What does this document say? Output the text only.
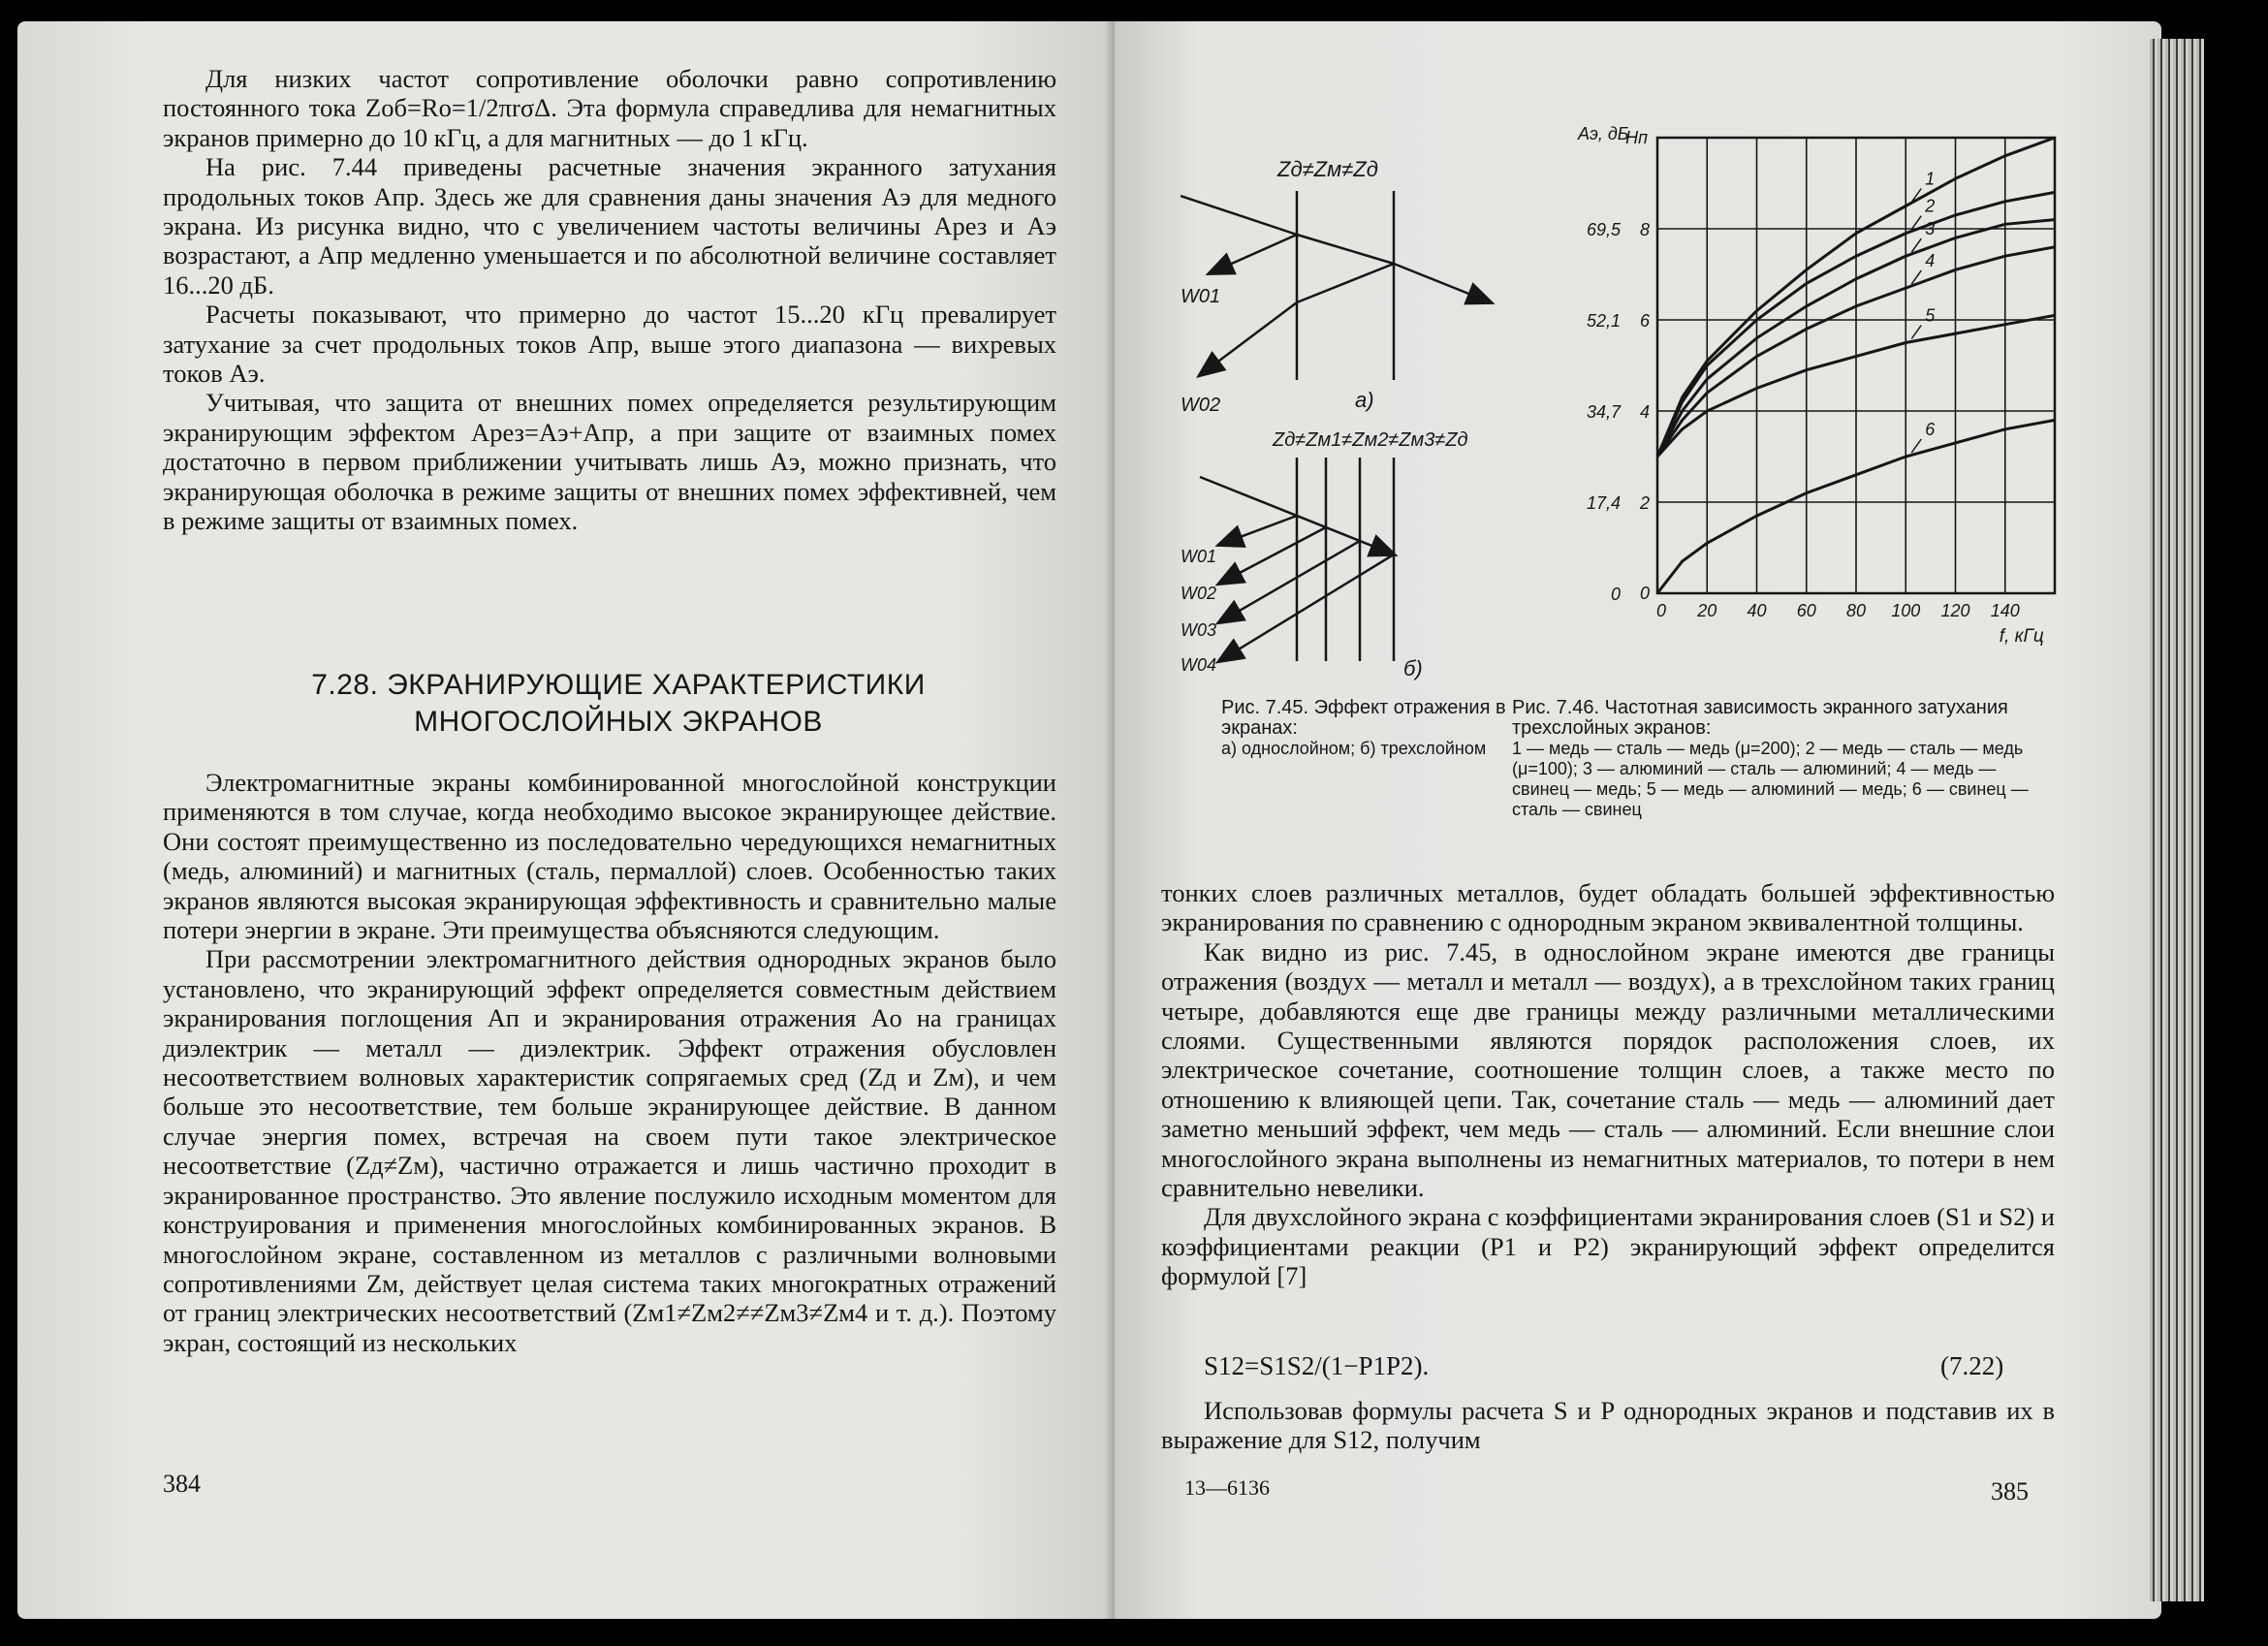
Для низких частот сопротивление оболочки равно сопротивлению постоянного тока Zоб=Ro=1/2πrσΔ. Эта формула справедлива для немагнитных экранов примерно до 10 кГц, а для магнитных — до 1 кГц.

На рис. 7.44 приведены расчетные значения экранного затухания продольных токов Aпр. Здесь же для сравнения даны значения Aэ для медного экрана. Из рисунка видно, что с увеличением частоты величины Aрез и Aэ возрастают, а Aпр медленно уменьшается и по абсолютной величине составляет 16...20 дБ.

Расчеты показывают, что примерно до частот 15...20 кГц превалирует затухание за счет продольных токов Aпр, выше этого диапазона — вихревых токов Aэ.

Учитывая, что защита от внешних помех определяется результирующим экранирующим эффектом Aрез=Aэ+Aпр, а при защите от взаимных помех достаточно в первом приближении учитывать лишь Aэ, можно признать, что экранирующая оболочка в режиме защиты от внешних помех эффективней, чем в режиме защиты от взаимных помех.

7.28. ЭКРАНИРУЮЩИЕ ХАРАКТЕРИСТИКИ
МНОГОСЛОЙНЫХ ЭКРАНОВ

Электромагнитные экраны комбинированной многослойной конструкции применяются в том случае, когда необходимо высокое экранирующее действие. Они состоят преимущественно из последовательно чередующихся немагнитных (медь, алюминий) и магнитных (сталь, пермаллой) слоев. Особенностью таких экранов являются высокая экранирующая эффективность и сравнительно малые потери энергии в экране. Эти преимущества объясняются следующим.

При рассмотрении электромагнитного действия однородных экранов было установлено, что экранирующий эффект определяется совместным действием экранирования поглощения Aп и экранирования отражения Ao на границах диэлектрик — металл — диэлектрик. Эффект отражения обусловлен несоответствием волновых характеристик сопрягаемых сред (Zд и Zм), и чем больше это несоответствие, тем больше экранирующее действие. В данном случае энергия помех, встречая на своем пути такое электрическое несоответствие (Zд≠Zм), частично отражается и лишь частично проходит в экранированное пространство. Это явление послужило исходным моментом для конструирования и применения многослойных комбинированных экранов. В многослойном экране, составленном из металлов с различными волновыми сопротивлениями Zм, действует целая система таких многократных отражений от границ электрических несоответствий (Zм1≠Zм2≠≠Zм3≠Zм4 и т. д.). Поэтому экран, состоящий из нескольких

384
Zд≠Zм≠Zд
W01
W02	а)
Zд≠Zм1≠Zм2≠Zм3≠Zд
W01
W02
W03
W04	б)
20 40 60 80 100 120 140
0
2
4
6
8
0
0
17,4
34,7
52,1
69,5
Aэ, дБ
Нп
f, кГц
1
2
3
4
5
6
Рис. 7.45. Эффект отражения в экранах:
а) однослойном; б) трехслойном
Рис. 7.46. Частотная зависимость экранного затухания трехслойных экранов:
1 — медь — сталь — медь (μ=200); 2 — медь — сталь — медь (μ=100); 3 — алюминий — сталь — алюминий; 4 — медь — свинец — медь; 5 — медь — алюминий — медь; 6 — свинец — сталь — свинец

тонких слоев различных металлов, будет обладать большей эффективностью экранирования по сравнению с однородным экраном эквивалентной толщины.

Как видно из рис. 7.45, в однослойном экране имеются две границы отражения (воздух — металл и металл — воздух), а в трехслойном таких границ четыре, добавляются еще две границы между различными металлическими слоями. Существенными являются порядок расположения слоев, их электрическое сочетание, соотношение толщин слоев, а также место по отношению к влияющей цепи. Так, сочетание сталь — медь — алюминий дает заметно меньший эффект, чем медь — сталь — алюминий. Если внешние слои многослойного экрана выполнены из немагнитных материалов, то потери в нем сравнительно невелики.

Для двухслойного экрана с коэффициентами экранирования слоев (S1 и S2) и коэффициентами реакции (P1 и P2) экранирующий эффект определится формулой [7]

S12=S1S2/(1−P1P2).	(7.22)

Использовав формулы расчета S и P однородных экранов и подставив их в выражение для S12, получим

13—6136	385
